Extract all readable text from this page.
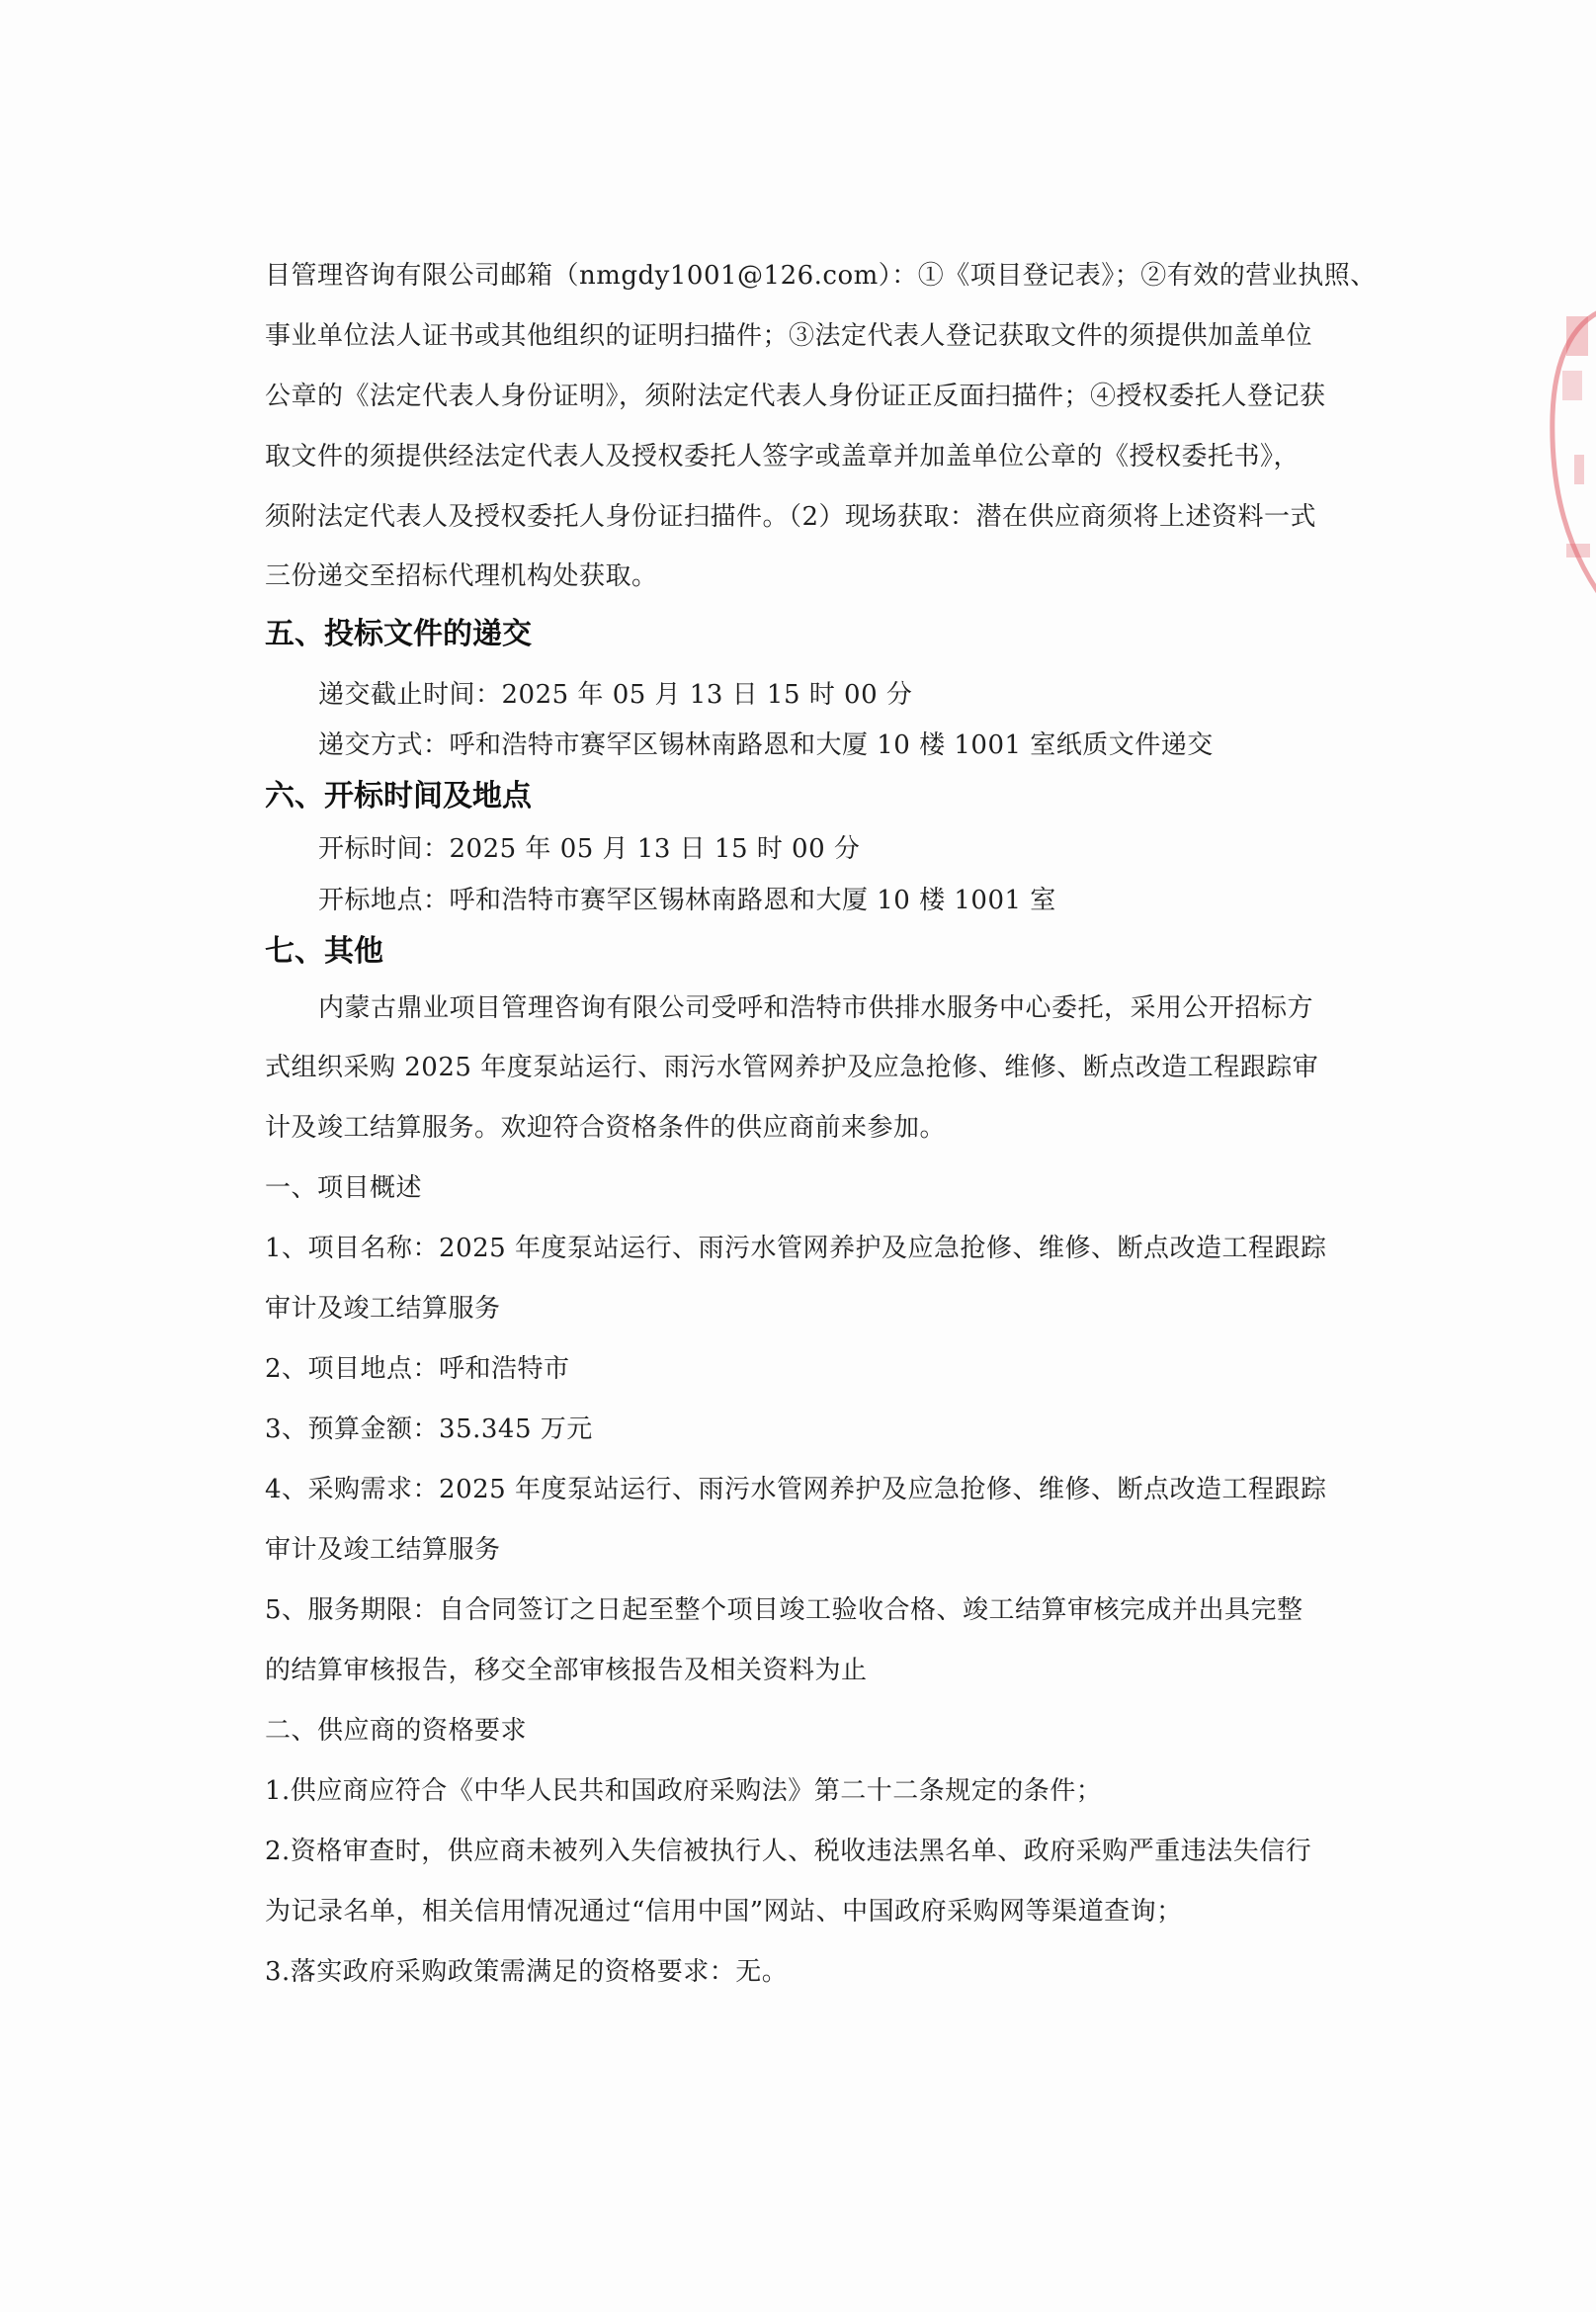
目管理咨询有限公司邮箱（nmgdy1001@126.com）：①《项目登记表》；②有效的营业执照、
事业单位法人证书或其他组织的证明扫描件；③法定代表人登记获取文件的须提供加盖单位
公章的《法定代表人身份证明》，须附法定代表人身份证正反面扫描件；④授权委托人登记获
取文件的须提供经法定代表人及授权委托人签字或盖章并加盖单位公章的《授权委托书》，
须附法定代表人及授权委托人身份证扫描件。（2）现场获取：潜在供应商须将上述资料一式
三份递交至招标代理机构处获取。
五、投标文件的递交
递交截止时间：2025 年 05 月 13 日 15 时 00 分
递交方式：呼和浩特市赛罕区锡林南路恩和大厦 10 楼 1001 室纸质文件递交
六、开标时间及地点
开标时间：2025 年 05 月 13 日 15 时 00 分
开标地点：呼和浩特市赛罕区锡林南路恩和大厦 10 楼 1001 室
七、其他
内蒙古鼎业项目管理咨询有限公司受呼和浩特市供排水服务中心委托，采用公开招标方
式组织采购 2025 年度泵站运行、雨污水管网养护及应急抢修、维修、断点改造工程跟踪审
计及竣工结算服务。欢迎符合资格条件的供应商前来参加。
一、项目概述
1、项目名称：2025 年度泵站运行、雨污水管网养护及应急抢修、维修、断点改造工程跟踪
审计及竣工结算服务
2、项目地点：呼和浩特市
3、预算金额：35.345 万元
4、采购需求：2025 年度泵站运行、雨污水管网养护及应急抢修、维修、断点改造工程跟踪
审计及竣工结算服务
5、服务期限：自合同签订之日起至整个项目竣工验收合格、竣工结算审核完成并出具完整
的结算审核报告，移交全部审核报告及相关资料为止
二、供应商的资格要求
1.供应商应符合《中华人民共和国政府采购法》第二十二条规定的条件；
2.资格审查时，供应商未被列入失信被执行人、税收违法黑名单、政府采购严重违法失信行
为记录名单，相关信用情况通过“信用中国”网站、中国政府采购网等渠道查询；
3.落实政府采购政策需满足的资格要求：无。
